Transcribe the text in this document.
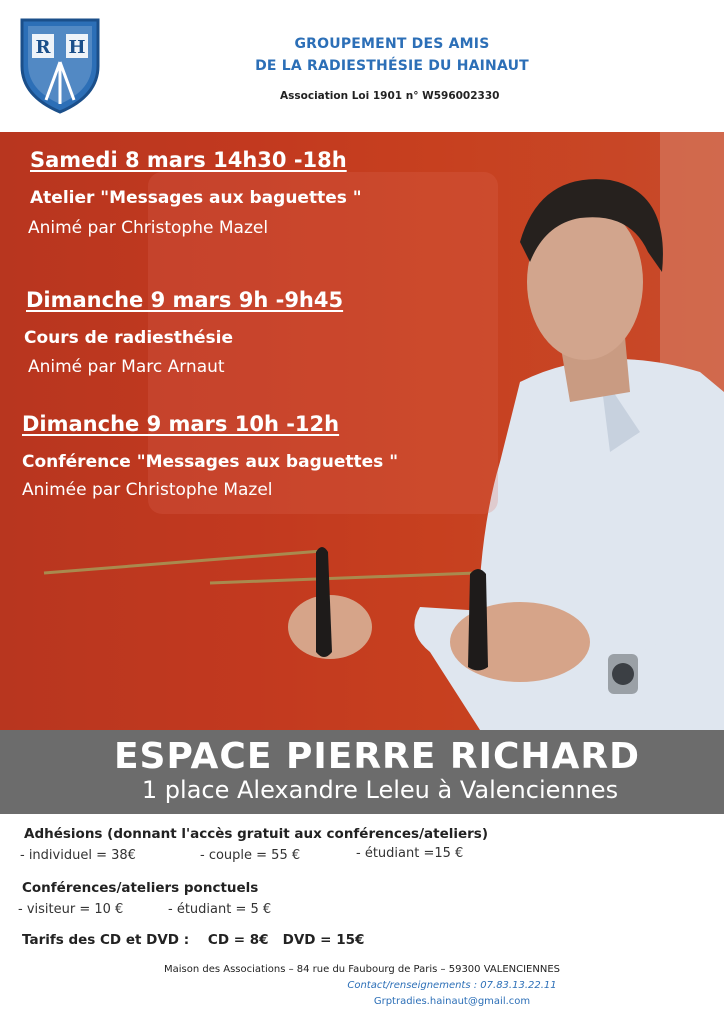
R H	GROUPEMENT DES AMIS
DE LA RADIESTHÉSIE DU HAINAUT
Association Loi 1901 n° W596002330
Samedi 8 mars 14h30 -18h
Atelier "Messages aux baguettes "
Animé par Christophe Mazel
Dimanche 9 mars 9h -9h45
Cours de radiesthésie
Animé par Marc Arnaut
Dimanche 9 mars 10h -12h
Conférence "Messages aux baguettes "
Animée par Christophe Mazel
ESPACE PIERRE RICHARD
1 place Alexandre Leleu à Valenciennes
Adhésions (donnant l'accès gratuit aux conférences/ateliers)
- individuel = 38€	- couple = 55 €	- étudiant =15 €
Conférences/ateliers ponctuels
- visiteur = 10 €	- étudiant = 5 €
Tarifs des CD et DVD :    CD = 8€   DVD = 15€
Maison des Associations – 84 rue du Faubourg de Paris – 59300 VALENCIENNES
Contact/renseignements : 07.83.13.22.11
Grptradies.hainaut@gmail.com
